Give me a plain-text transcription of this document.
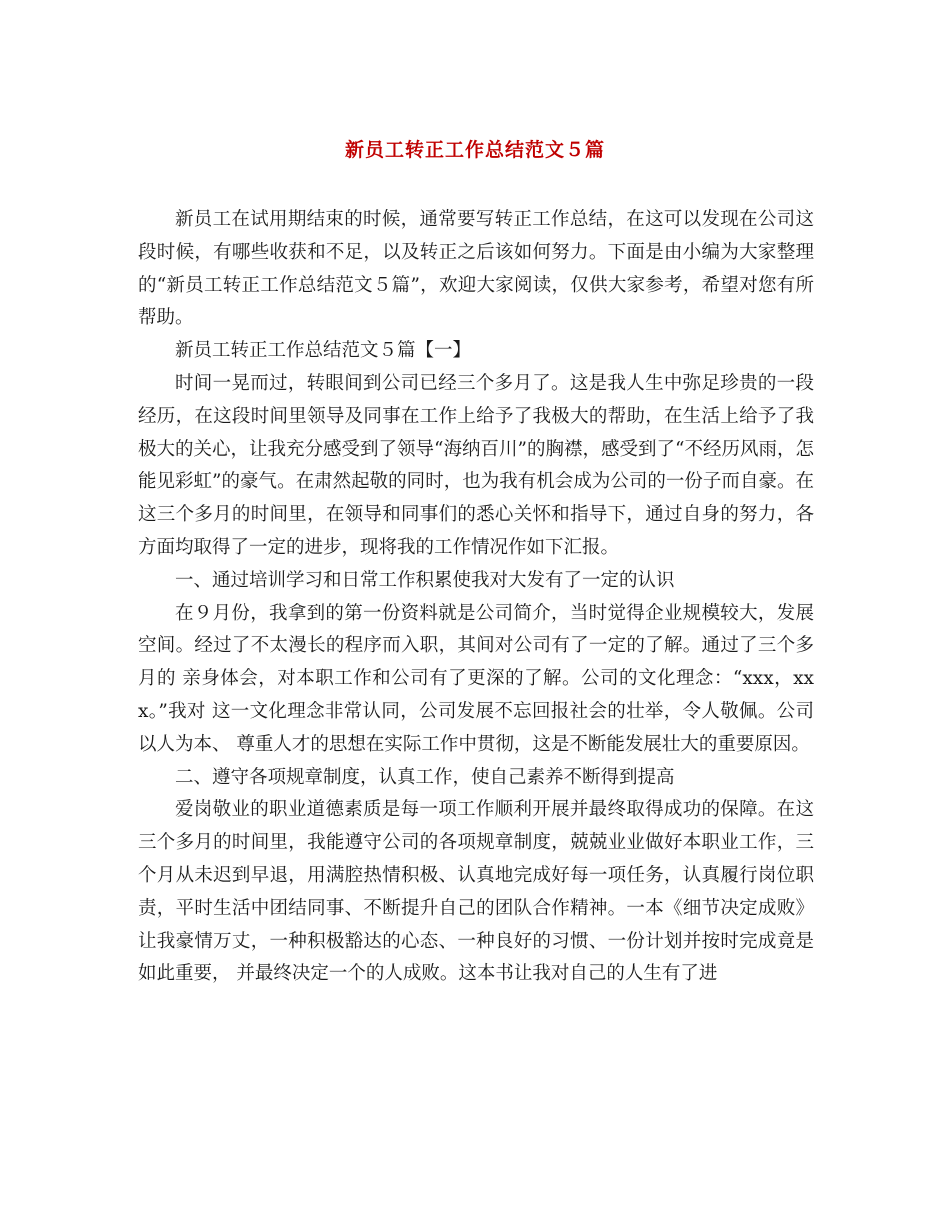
新员工转正工作总结范文５篇

新员工在试用期结束的时候，通常要写转正工作总结，在这可以发现在公司这段时候，有哪些收获和不足，以及转正之后该如何努力。下面是由小编为大家整理的“新员工转正工作总结范文５篇”，欢迎大家阅读，仅供大家参考，希望对您有所帮助。

新员工转正工作总结范文５篇【一】

时间一晃而过，转眼间到公司已经三个多月了。这是我人生中弥足珍贵的一段经历，在这段时间里领导及同事在工作上给予了我极大的帮助，在生活上给予了我极大的关心，让我充分感受到了领导“海纳百川”的胸襟，感受到了“不经历风雨，怎能见彩虹”的豪气。在肃然起敬的同时，也为我有机会成为公司的一份子而自豪。在这三个多月的时间里，在领导和同事们的悉心关怀和指导下，通过自身的努力，各方面均取得了一定的进步，现将我的工作情况作如下汇报。

一、通过培训学习和日常工作积累使我对大发有了一定的认识

在９月份，我拿到的第一份资料就是公司简介，当时觉得企业规模较大，发展空间。经过了不太漫长的程序而入职，其间对公司有了一定的了解。通过了三个多月的 亲身体会，对本职工作和公司有了更深的了解。公司的文化理念：“xxx，xxx。”我对 这一文化理念非常认同，公司发展不忘回报社会的壮举，令人敬佩。公司以人为本、 尊重人才的思想在实际工作中贯彻，这是不断能发展壮大的重要原因。

二、遵守各项规章制度，认真工作，使自己素养不断得到提高

爱岗敬业的职业道德素质是每一项工作顺利开展并最终取得成功的保障。在这三个多月的时间里，我能遵守公司的各项规章制度，兢兢业业做好本职业工作，三个月从未迟到早退，用满腔热情积极、认真地完成好每一项任务，认真履行岗位职责，平时生活中团结同事、不断提升自己的团队合作精神。一本《细节决定成败》让我豪情万丈，一种积极豁达的心态、一种良好的习惯、一份计划并按时完成竟是如此重要， 并最终决定一个的人成败。这本书让我对自己的人生有了进
